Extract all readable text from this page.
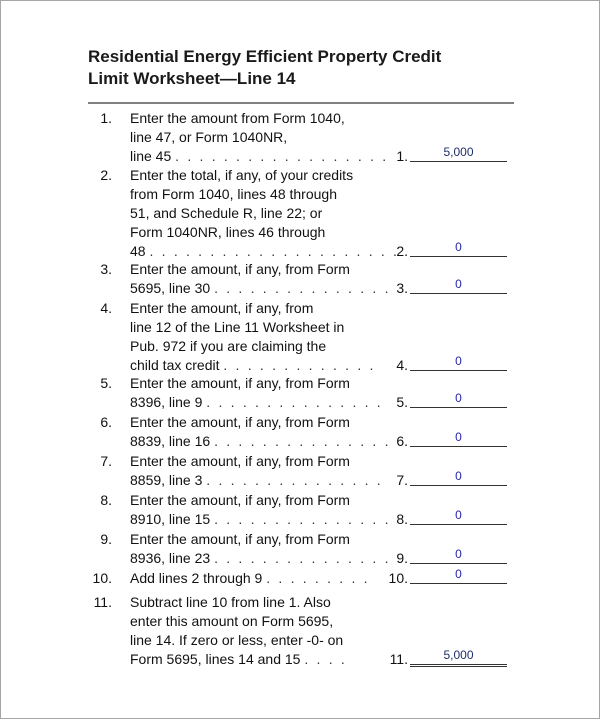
Residential Energy Efficient Property Credit
Limit Worksheet—Line 14
1. Enter the amount from Form 1040,
line 47, or Form 1040NR,
line 45 . . . . . . . . . . . . . . . . . . 1.	5,000
2. Enter the total, if any, of your credits
from Form 1040, lines 48 through
51, and Schedule R, line 22; or
Form 1040NR, lines 46 through
48 . . . . . . . . . . . . . . . . . . . . .
2.	0
3. Enter the amount, if any, from Form
5695, line 30 . . . . . . . . . . . . . . . 3.	0
4. Enter the amount, if any, from
line 12 of the Line 11 Worksheet in
Pub. 972 if you are claiming the
child tax credit . . . . . . . . . . . . .	4.	0
5. Enter the amount, if any, from Form
8396, line 9 . . . . . . . . . . . . . . . 5.	0
6. Enter the amount, if any, from Form
8839, line 16 . . . . . . . . . . . . . . . 6.	0
7. Enter the amount, if any, from Form
8859, line 3 . . . . . . . . . . . . . . . 7.	0
8. Enter the amount, if any, from Form
8910, line 15 . . . . . . . . . . . . . . . 8.	0
9. Enter the amount, if any, from Form
8936, line 23 . . . . . . . . . . . . . . . 9.	0
10. Add lines 2 through 9 . . . . . . . . .	10.	0
11. Subtract line 10 from line 1. Also
enter this amount on Form 5695,
line 14. If zero or less, enter -0- on
Form 5695, lines 14 and 15 . . . .	11.	5,000
